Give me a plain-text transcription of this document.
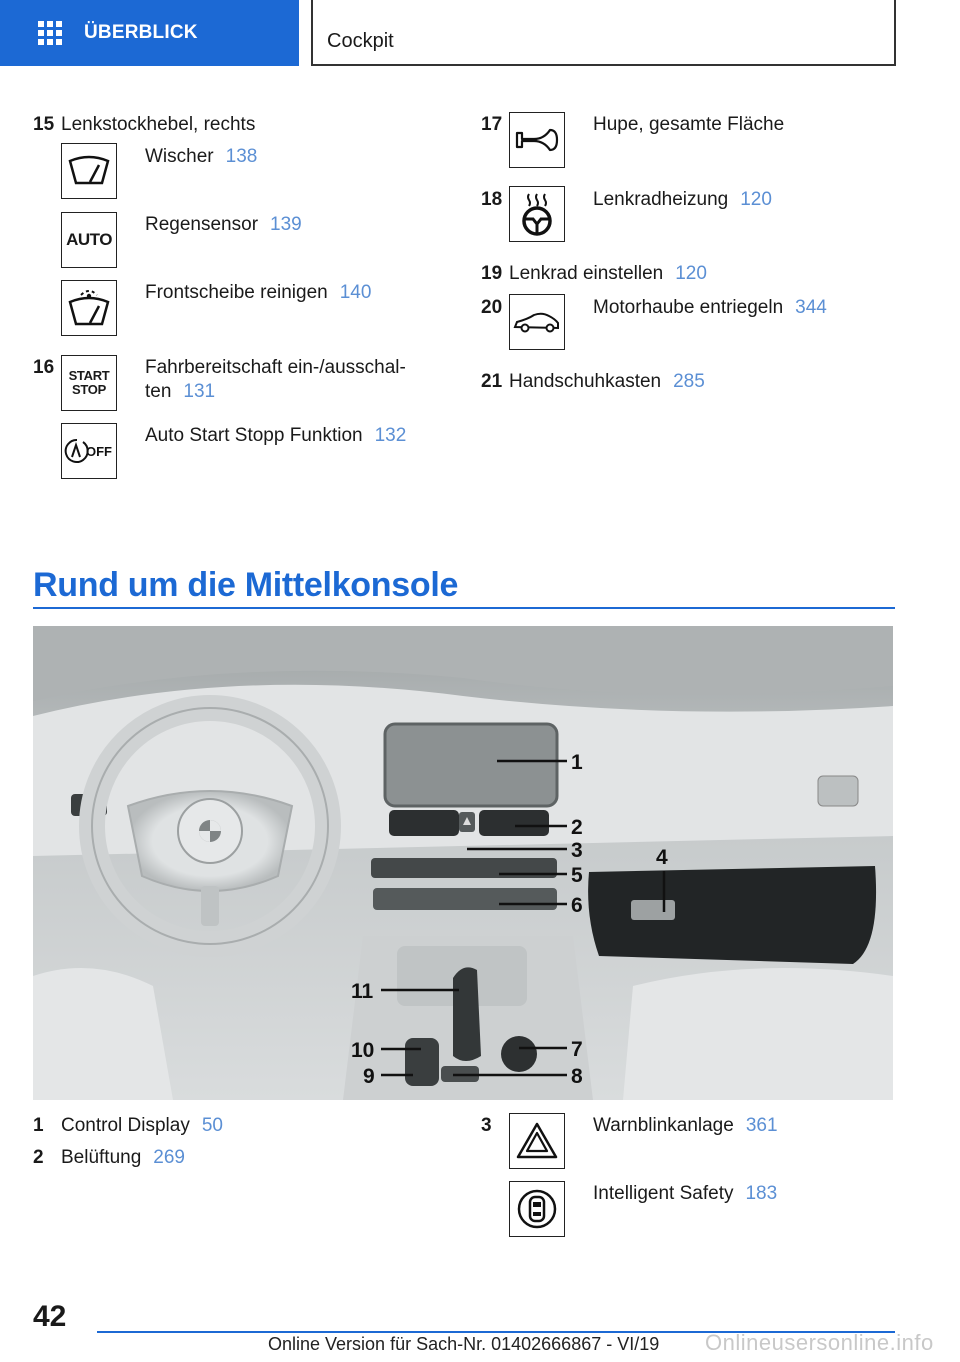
ÜBERBLICK	Cockpit
15 Lenkstockhebel, rechts
Wischer 138
AUTO
Regensensor 139
Frontscheibe reinigen 140
16 START
STOP
Fahrbereitschaft ein-/ausschal-
ten 131
OFF
Auto Start Stopp Funktion 132
17	Hupe, gesamte Fläche
18	Lenkradheizung 120
19 Lenkrad einstellen 120
20	Motorhaube entriegeln 344
21 Handschuhkasten 285
Rund um die Mittelkonsole
1
2
3	4
5
6
7
8
9
10
11
1 Control Display 50
2 Belüftung 269
3	Warnblinkanlage 361
Intelligent Safety 183
42
Online Version für Sach-Nr. 01402666867 - VI/19 Onlineusersonline.info
